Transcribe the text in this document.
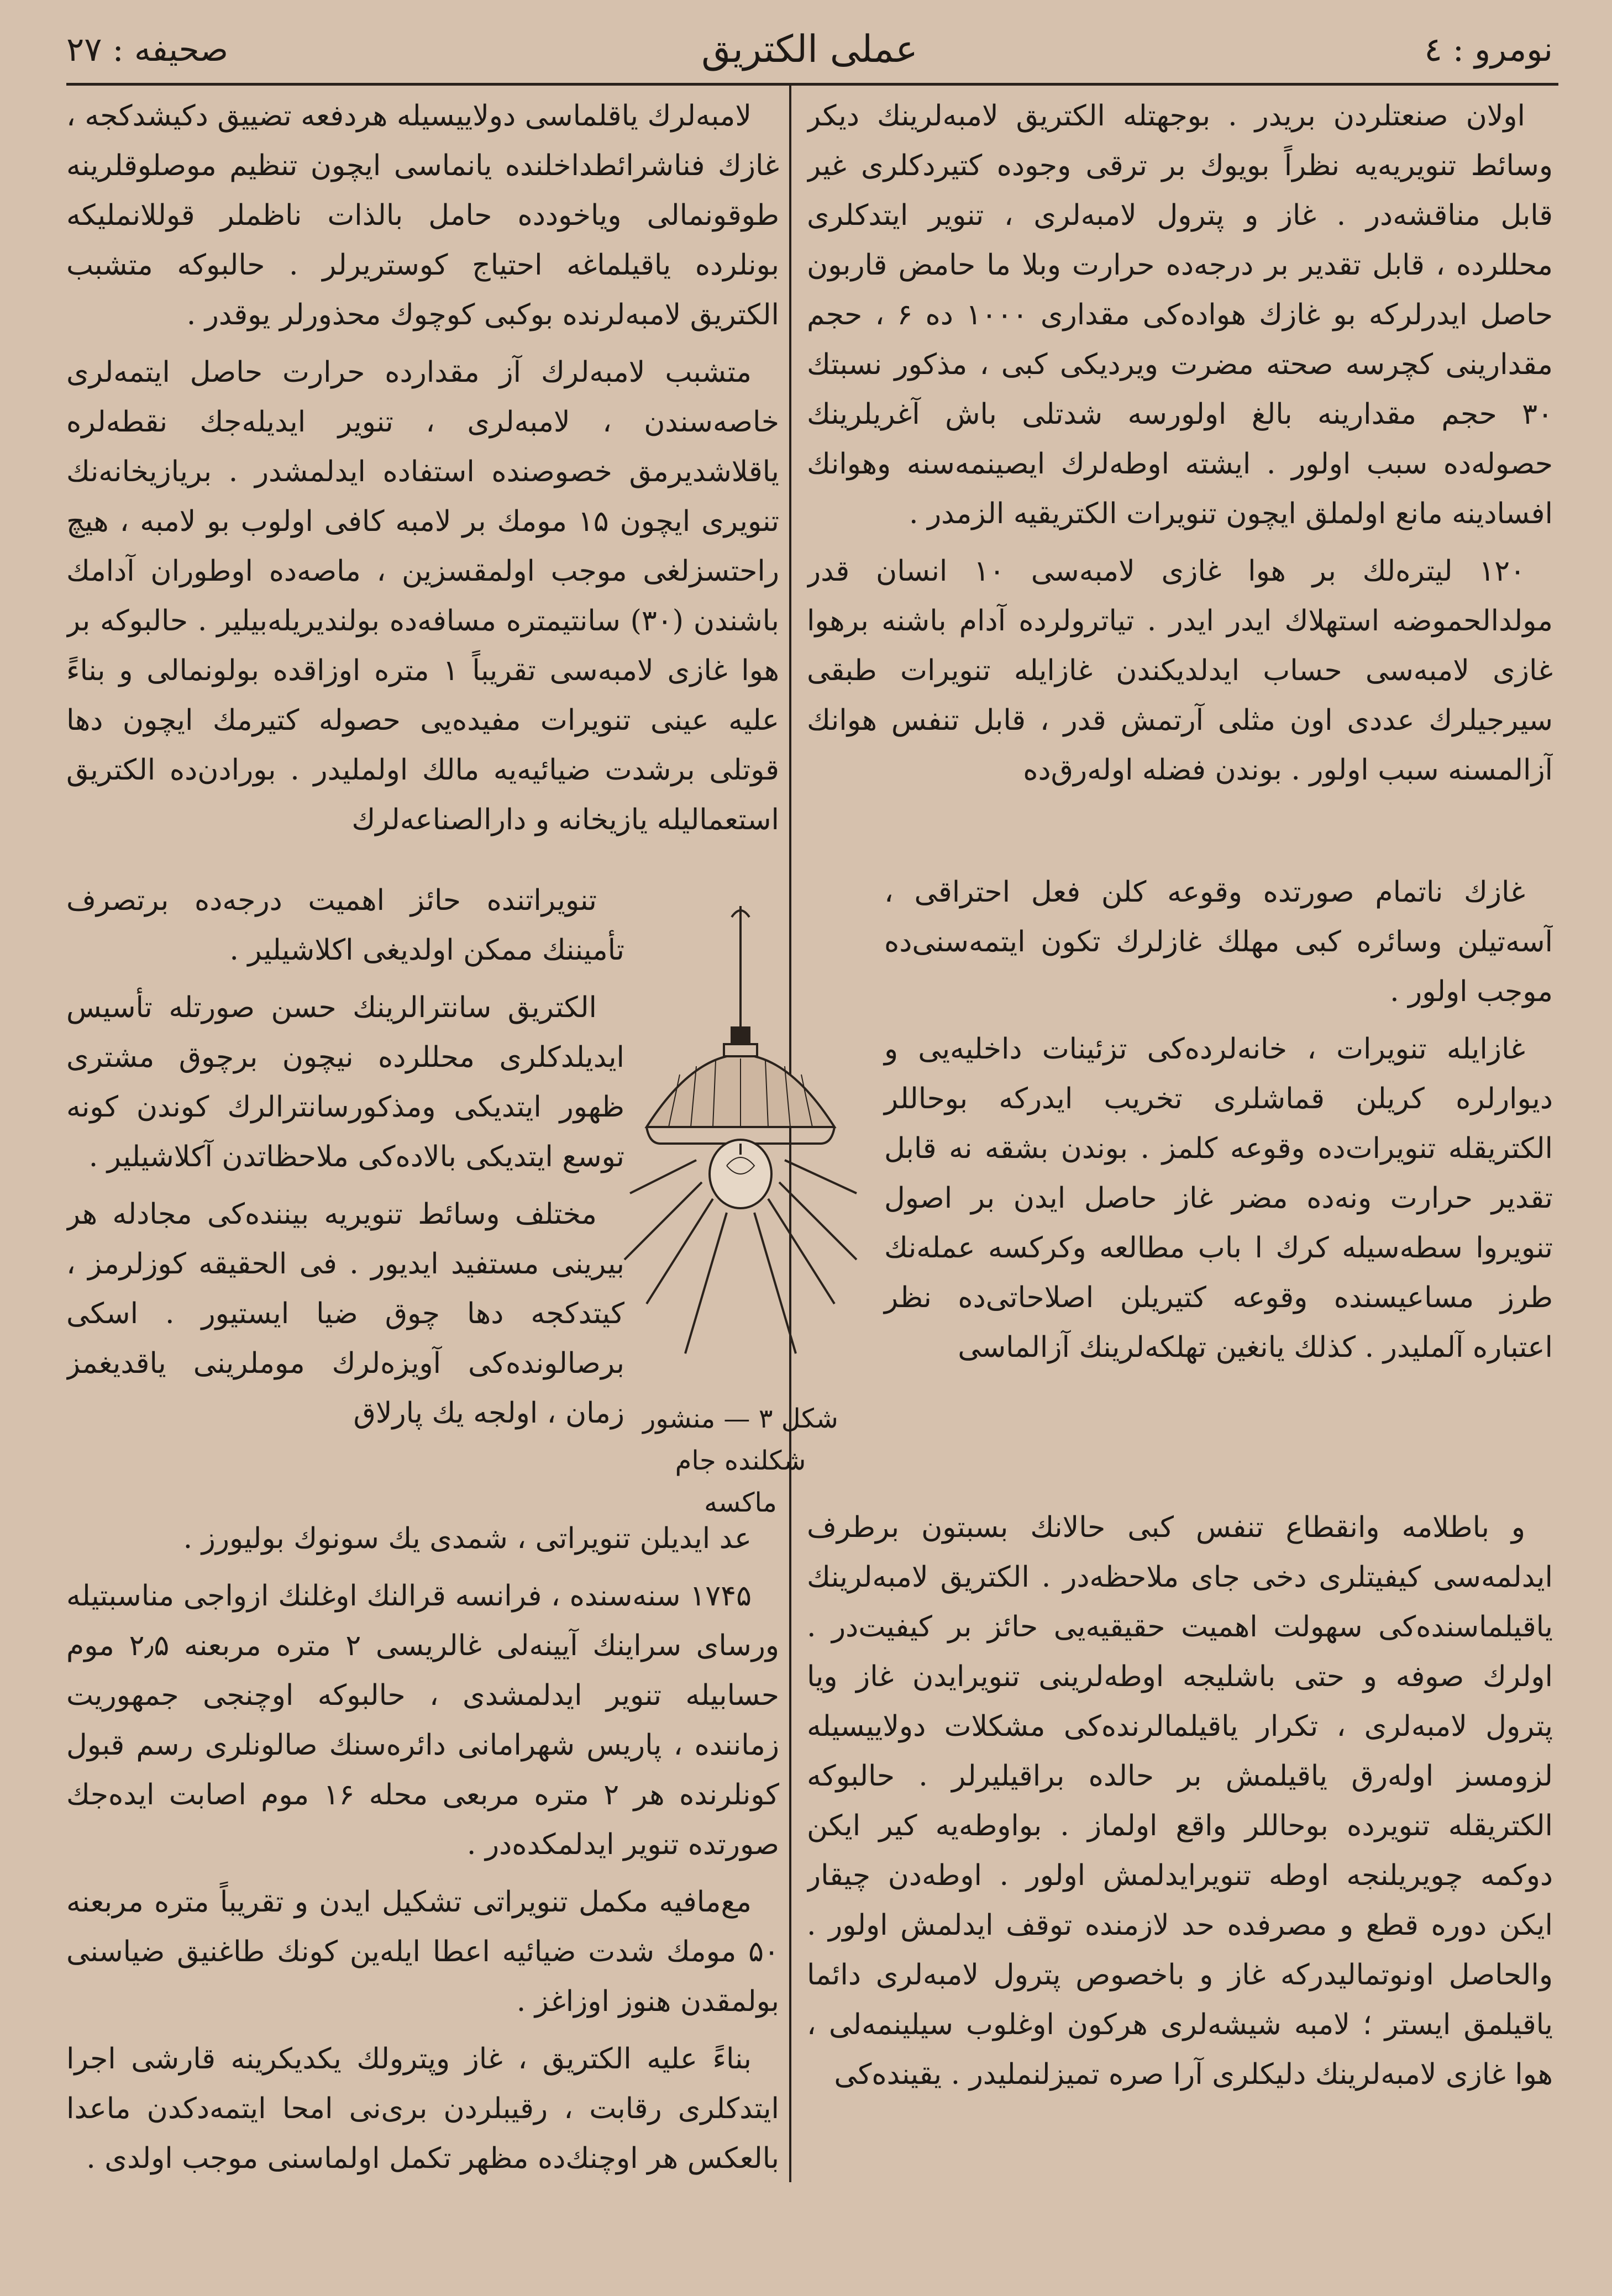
نومرو : ٤
عملی الکتریق
صحیفه : ۲۷

اولان صنعتلردن بریدر . بوجهتله الکتریق لامبه‌لرینك دیکر وسائط تنویریه‌یه نظراً بویوك بر ترقی وجوده کتیردکلری غیر قابل مناقشه‌در . غاز و پترول لامبه‌لری ، تنویر ایتدکلری محللرده ، قابل تقدیر بر درجه‌ده حرارت وبلا ما حامض قاربون حاصل ایدرلرکه بو غازك هواده‌کی مقداری ۱۰۰۰ ده ۶ ، حجم مقدارینی کچرسه صحته مضرت ویردیکی کبی ، مذکور نسبتك ۳۰ حجم مقدارینه بالغ اولورسه شدتلی باش آغریلرینك حصوله‌ده سبب اولور . ایشته اوطه‌لرك ایصینمه‌سنه وهوانك افسادینه مانع اولملق ایچون تنویرات الکتریقیه الزمدر .

۱۲۰ لیتره‌لك بر هوا غازی لامبه‌سی ۱۰ انسان قدر مولدالحموضه استهلاك ایدر ایدر . تیاترولرده آدام باشنه برهوا غازی لامبه‌سی حساب ایدلدیکندن غازایله تنویرات طبقی سیرجیلرك عددی اون مثلی آرتمش قدر ، قابل تنفس هوانك آزالمسنه سبب اولور . بوندن فضله اوله‌رق‌ده

غازك ناتمام صورتده وقوعه کلن فعل احتراقی ، آسه‌تیلن وسائره کبی مهلك غازلرك تکون ایتمه‌سنی‌ده موجب اولور .

غازایله تنویرات ، خانه‌لرده‌کی تزئینات داخلیه‌یی و دیوارلره کریلن قماشلری تخریب ایدرکه بوحاللر الکتریقله تنویرات‌ده وقوعه کلمز . بوندن بشقه نه قابل تقدیر حرارت ونه‌ده مضر غاز حاصل ایدن بر اصول تنویروا سطه‌سیله کرك ا باب مطالعه وکرکسه عمله‌نك طرز مساعیسنده وقوعه کتیریلن اصلاحاتی‌ده نظر اعتباره آلملیدر . کذلك یانغین تهلکه‌لرینك آزالماسی

و باطلامه وانقطاع تنفس کبی حالانك بسبتون برطرف ایدلمه‌سی کیفیتلری دخی جای ملاحظه‌در . الکتریق لامبه‌لرینك یاقیلماسنده‌کی سهولت اهمیت حقیقیه‌یی حائز بر کیفیت‌در . اولرك صوفه و حتی باشلیجه اوطه‌لرینی تنویرایدن غاز ویا پترول لامبه‌لری ، تکرار یاقیلمالرنده‌کی مشکلات دولاییسیله لزومسز اوله‌رق یاقیلمش بر حالده براقیلیرلر . حالبوکه الکتریقله تنویرده بوحاللر واقع اولماز . بواوطه‌یه کیر ایکن دوکمه چویریلنجه اوطه تنویرایدلمش اولور . اوطه‌دن چیقار ایکن دوره قطع و مصرفده حد لازمنده توقف ایدلمش اولور . والحاصل اونوتمالیدرکه غاز و باخصوص پترول لامبه‌لری دائما یاقیلمق ایستر ؛ لامبه شیشه‌لری هرکون اوغلوب سیلینمه‌لی ، هوا غازی لامبه‌لرینك دلیکلری آرا صره تمیزلنملیدر . یقینده‌کی

لامبه‌لرك یاقلماسی دولاییسیله هردفعه تضییق دکیشدکجه ، غازك فناشرائطداخلنده یانماسی ایچون تنظیم موصلوقلرینه طوقونمالی ویاخودده حامل بالذات ناظملر قوللانملیکه بونلرده یاقیلماغه احتیاج کوستریرلر . حالبوکه متشبب الکتریق لامبه‌لرنده بوکبی کوچوك محذورلر یوقدر .

متشبب لامبه‌لرك آز مقدارده حرارت حاصل ایتمه‌لری خاصه‌سندن ، لامبه‌لری ، تنویر ایدیله‌جك نقطه‌لره یاقلاشدیرمق خصوصنده استفاده ایدلمشدر . بریازیخانه‌نك تنویری ایچون ۱۵ مومك بر لامبه کافی اولوب بو لامبه ، هیچ راحتسزلغی موجب اولمقسزین ، ماصه‌ده اوطوران آدامك باشندن (۳۰) سانتیمتره مسافه‌ده بولندیریله‌بیلیر . حالبوکه بر هوا غازی لامبه‌سی تقریباً ۱ متره اوزاقده بولونمالی و بناءً علیه عینی تنویرات مفیده‌یی حصوله کتیرمك ایچون دها قوتلی برشدت ضیائیه‌یه مالك اولملیدر . بورادن‌ده الکتریق استعمالیله یازیخانه و دارالصناعه‌لرك

تنویراتنده حائز اهمیت درجه‌ده برتصرف تأمیننك ممکن اولدیغی اکلاشیلیر .

الکتریق سانترالرینك حسن صورتله تأسیس ایدیلدکلری محللرده نیچون برچوق مشتری ظهور ایتدیکی ومذکورسانترالرك کوندن کونه توسع ایتدیکی بالاده‌کی ملاحظاتدن آکلاشیلیر .

مختلف وسائط تنویریه بیننده‌کی مجادله هر بیرینی مستفید ایدیور . فی الحقیقه کوزلرمز ، کیتدکجه دها چوق ضیا ایستیور . اسکی برصالونده‌کی آویزه‌لرك موملرینی یاقدیغمز زمان ، اولجه‌ یك پارلاق

عد ایدیلن تنویراتی ، شمدی یك سونوك بولیورز .

۱۷۴۵ سنه‌سنده ، فرانسه قرالنك اوغلنك ازواجی مناسبتیله ورسای سراینك آیینه‌لی غالریسی ۲ متره مربعنه ۲٫۵ موم حسابیله تنویر ایدلمشدی ، حالبوکه اوچنجی جمهوریت زماننده ، پاریس شهرامانی دائره‌سنك صالونلری رسم قبول کونلرنده هر ۲ متره مربعی محله ۱۶ موم اصابت ایده‌جك صورتده تنویر ایدلمکده‌در .

مع‌مافیه مکمل تنویراتی تشکیل ایدن و تقریباً متره مربعنه ۵۰ مومك شدت ضیائیه اعطا ایله‌ین کونك طاغنیق ضیاسنی بولمقدن هنوز اوزاغز .

بناءً علیه الکتریق ، غاز وپترولك یکدیکرینه قارشی اجرا ایتدکلری رقابت ، رقیبلردن بری‌نی امحا ایتمه‌دکدن ماعدا بالعکس هر اوچنك‌ده مظهر تکمل اولماسنی موجب اولدی .

شکل ۳ — منشور شکلنده جام
ماکسه
